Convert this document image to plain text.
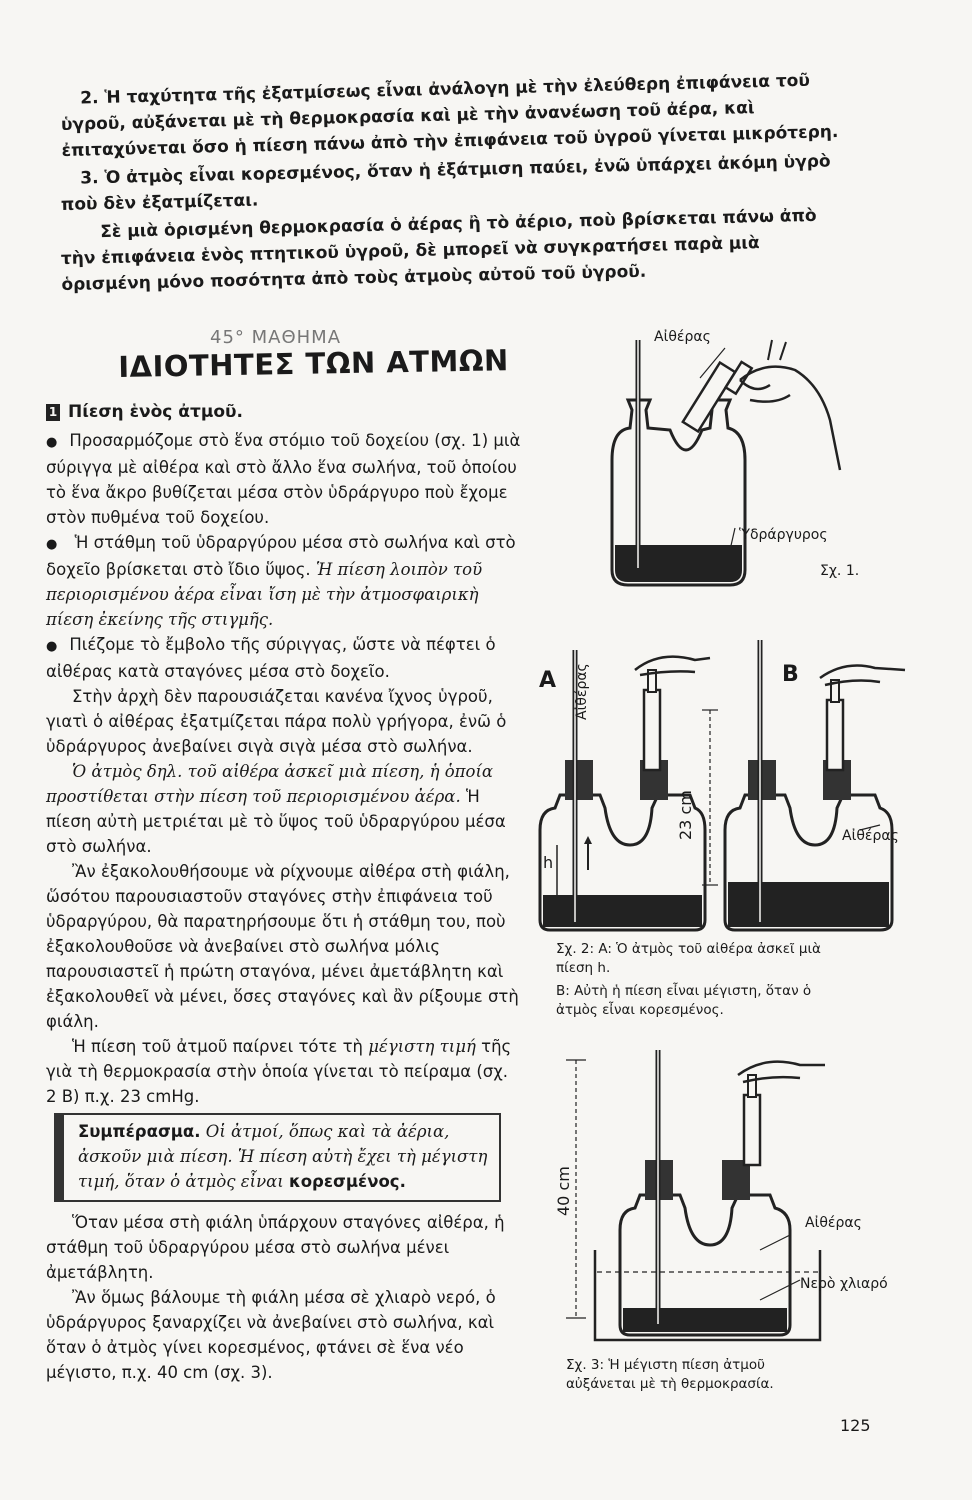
2. Ἡ ταχύτητα τῆς ἐξατμίσεως εἶναι ἀνάλογη μὲ τὴν ἐλεύθερη ἐπιφάνεια τοῦ ὑγροῦ, αὐξάνεται μὲ τὴ θερμοκρασία καὶ μὲ τὴν ἀνανέωση τοῦ ἀέρα, καὶ ἐπιταχύνεται ὅσο ἡ πίεση πάνω ἀπὸ τὴν ἐπιφάνεια τοῦ ὑγροῦ γίνεται μικρότερη.
3. Ὁ ἀτμὸς εἶναι κορεσμένος, ὅταν ἡ ἐξάτμιση παύει, ἐνῶ ὑπάρχει ἀκόμη ὑγρὸ ποὺ δὲν ἐξατμίζεται.
Σὲ μιὰ ὁρισμένη θερμοκρασία ὁ ἀέρας ἢ τὸ ἀέριο, ποὺ βρίσκεται πάνω ἀπὸ τὴν ἐπιφάνεια ἑνὸς πτητικοῦ ὑγροῦ, δὲ μπορεῖ νὰ συγκρατήσει παρὰ μιὰ ὁρισμένη μόνο ποσότητα ἀπὸ τοὺς ἀτμοὺς αὐτοῦ τοῦ ὑγροῦ.
45° ΜΑΘΗΜΑ
ΙΔΙΟΤΗΤΕΣ ΤΩΝ ΑΤΜΩΝ
1 Πίεση ἑνὸς ἀτμοῦ.

● Προσαρμόζομε στὸ ἕνα στόμιο τοῦ δοχείου (σχ. 1) μιὰ σύριγγα μὲ αἰθέρα καὶ στὸ ἄλλο ἕνα σωλήνα, τοῦ ὁποίου τὸ ἕνα ἄκρο βυθίζεται μέσα στὸν ὑδράργυρο ποὺ ἔχομε στὸν πυθμένα τοῦ δοχείου.

● Ἡ στάθμη τοῦ ὑδραργύρου μέσα στὸ σωλήνα καὶ στὸ δοχεῖο βρίσκεται στὸ ἴδιο ὕψος. Ἡ πίεση λοιπὸν τοῦ περιορισμένου ἀέρα εἶναι ἴση μὲ τὴν ἀτμοσφαιρικὴ πίεση ἐκείνης τῆς στιγμῆς.

● Πιέζομε τὸ ἔμβολο τῆς σύριγγας, ὥστε νὰ πέφτει ὁ αἰθέρας κατὰ σταγόνες μέσα στὸ δοχεῖο.

Στὴν ἀρχὴ δὲν παρουσιάζεται κανένα ἴχνος ὑγροῦ, γιατὶ ὁ αἰθέρας ἐξατμίζεται πάρα πολὺ γρήγορα, ἐνῶ ὁ ὑδράργυρος ἀνεβαίνει σιγὰ σιγὰ μέσα στὸ σωλήνα.

Ὁ ἀτμὸς δηλ. τοῦ αἰθέρα ἀσκεῖ μιὰ πίεση, ἡ ὁποία προστίθεται στὴν πίεση τοῦ περιορισμένου ἀέρα. Ἡ πίεση αὐτὴ μετριέται μὲ τὸ ὕψος τοῦ ὑδραργύρου μέσα στὸ σωλήνα.

Ἂν ἐξακολουθήσουμε νὰ ρίχνουμε αἰθέρα στὴ φιάλη, ὥσότου παρουσιαστοῦν σταγόνες στὴν ἐπιφάνεια τοῦ ὑδραργύρου, θὰ παρατηρήσουμε ὅτι ἡ στάθμη του, ποὺ ἐξακολουθοῦσε νὰ ἀνεβαίνει στὸ σωλήνα μόλις παρουσιαστεῖ ἡ πρώτη σταγόνα, μένει ἀμετάβλητη καὶ ἐξακολουθεῖ νὰ μένει, ὅσες σταγόνες καὶ ἂν ρίξουμε στὴ φιάλη.

Ἡ πίεση τοῦ ἀτμοῦ παίρνει τότε τὴ μέγιστη τιμή τῆς γιὰ τὴ θερμοκρασία στὴν ὁποία γίνεται τὸ πείραμα (σχ. 2 Β) π.χ. 23 cmHg.

Συμπέρασμα. Οἱ ἀτμοί, ὅπως καὶ τὰ ἀέρια, ἀσκοῦν μιὰ πίεση. Ἡ πίεση αὐτὴ ἔχει τὴ μέγιστη τιμή, ὅταν ὁ ἀτμὸς εἶναι κορεσμένος.

Ὅταν μέσα στὴ φιάλη ὑπάρχουν σταγόνες αἰθέρα, ἡ στάθμη τοῦ ὑδραργύρου μέσα στὸ σωλήνα μένει ἀμετάβλητη.

Ἂν ὅμως βάλουμε τὴ φιάλη μέσα σὲ χλιαρὸ νερό, ὁ ὑδράργυρος ξαναρχίζει νὰ ἀνεβαίνει στὸ σωλήνα, καὶ ὅταν ὁ ἀτμὸς γίνει κορεσμένος, φτάνει σὲ ἕνα νέο μέγιστο, π.χ. 40 cm (σχ. 3).

Αἰθέρας
Ὑδράργυρος
Σχ. 1.
A	B
Αἰθέρας
h
23 cm	Αἰθέρας
Σχ. 2: A: Ὁ ἀτμὸς τοῦ αἰθέρα ἀσκεῖ μιὰ πίεση h.
Β: Αὐτὴ ἡ πίεση εἶναι μέγιστη, ὅταν ὁ ἀτμὸς εἶναι κορεσμένος.
40 cm
Αἰθέρας
Νερὸ χλιαρό
Σχ. 3: Ἡ μέγιστη πίεση ἀτμοῦ αὐξάνεται μὲ τὴ θερμοκρασία.
125
